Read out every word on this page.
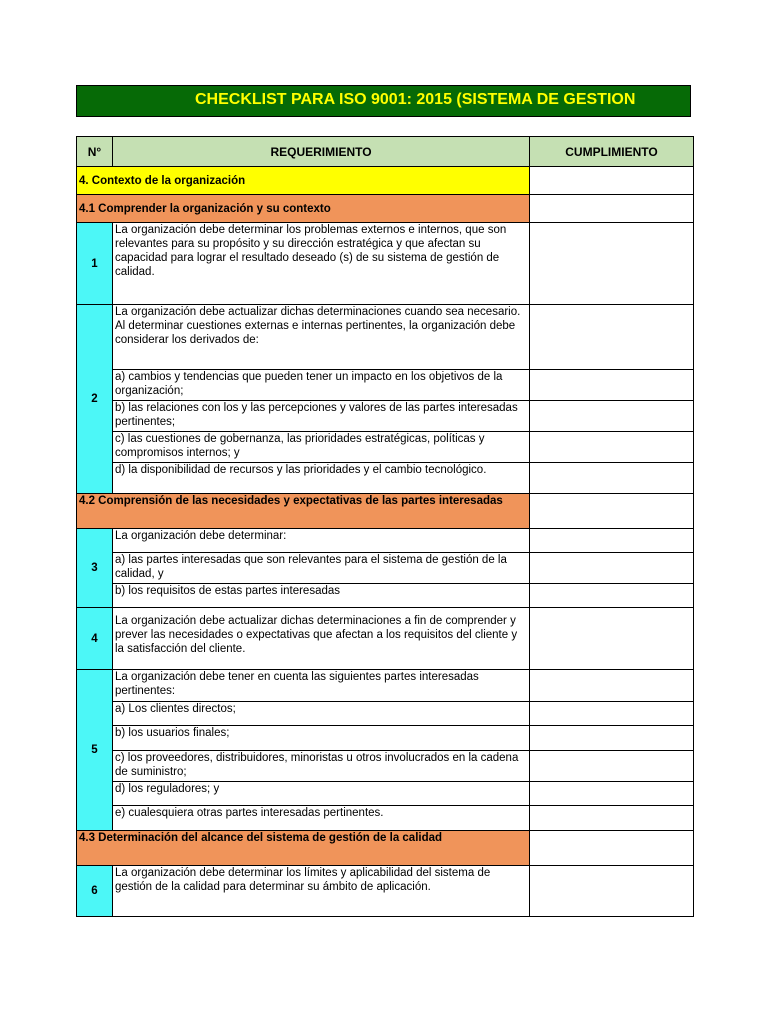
CHECKLIST PARA ISO 9001: 2015 (SISTEMA DE GESTION
N°	REQUERIMIENTO	CUMPLIMIENTO
4. Contexto de la organización		
4.1 Comprender la organización y su contexto		
1	La organización debe determinar los problemas externos e internos, que son relevantes para su propósito y su dirección estratégica y que afectan su capacidad para lograr el resultado deseado (s) de su sistema de gestión de calidad.	
2	La organización debe actualizar dichas determinaciones cuando sea necesario. Al determinar cuestiones externas e internas pertinentes, la organización debe considerar los derivados de:	
	a) cambios y tendencias que pueden tener un impacto en los objetivos de la organización;	
	b) las relaciones con los y las percepciones y valores de las partes interesadas pertinentes;	
	c) las cuestiones de gobernanza, las prioridades estratégicas, políticas y compromisos internos; y	
	d) la disponibilidad de recursos y las prioridades y el cambio tecnológico.	
4.2 Comprensión de las necesidades y expectativas de las partes interesadas		
3	La organización debe determinar:	
	a) las partes interesadas que son relevantes para el sistema de gestión de la calidad, y	
	b) los requisitos de estas partes interesadas	
4	La organización debe actualizar dichas determinaciones a fin de comprender y prever las necesidades o expectativas que afectan a los requisitos del cliente y la satisfacción del cliente.	
5	La organización debe tener en cuenta las siguientes partes interesadas pertinentes:	
	a) Los clientes directos;	
	b) los usuarios finales;	
	c) los proveedores, distribuidores, minoristas u otros involucrados en la cadena de suministro;	
	d) los reguladores; y	
	e) cualesquiera otras partes interesadas pertinentes.	
4.3 Determinación del alcance del sistema de gestión de la calidad		
6	La organización debe determinar los límites y aplicabilidad del sistema de gestión de la calidad para determinar su ámbito de aplicación.	
